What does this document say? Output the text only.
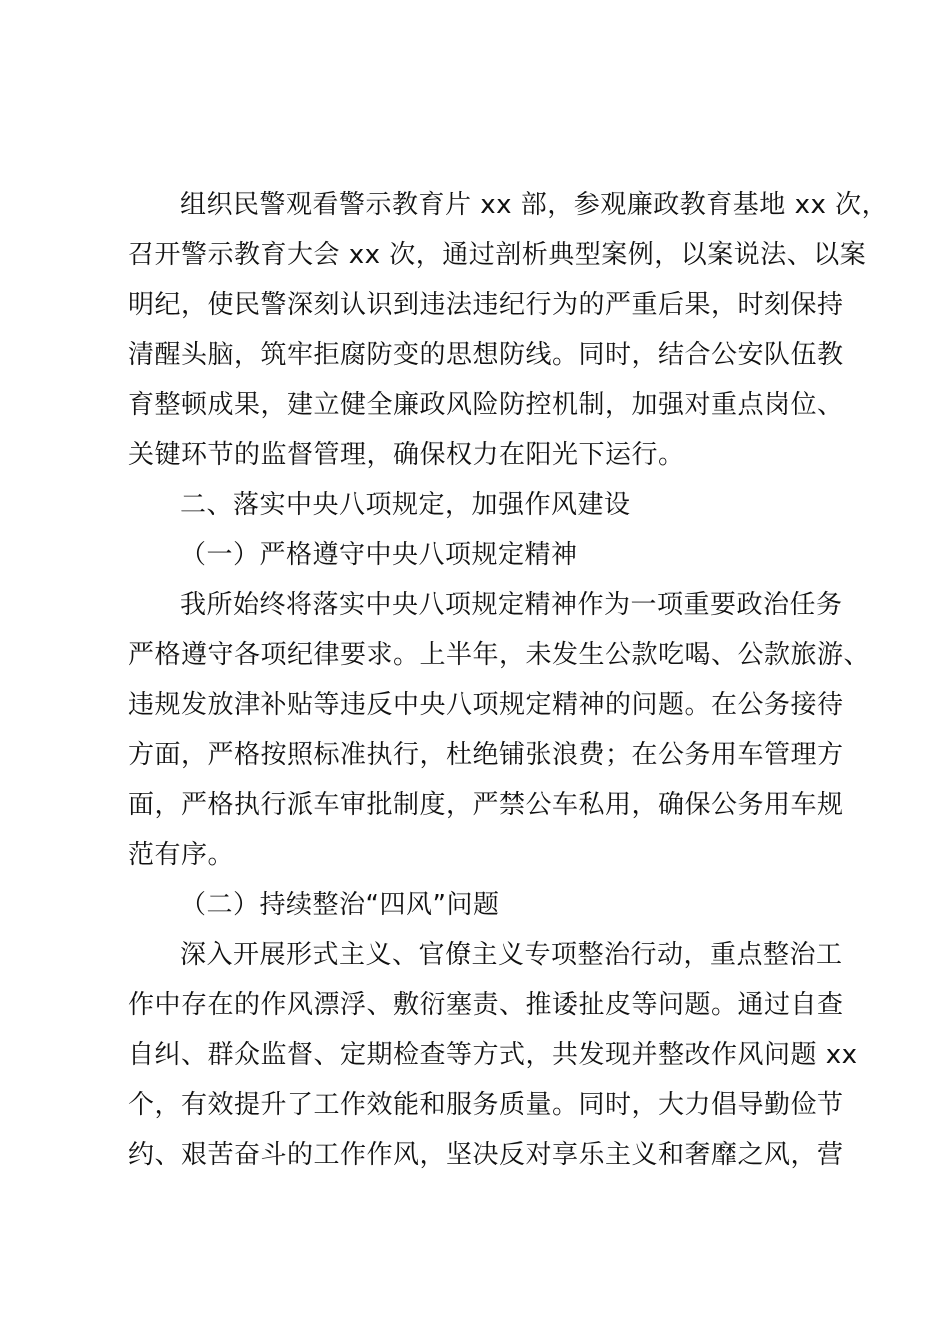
组织民警观看警示教育片 xx 部，参观廉政教育基地 xx 次，
召开警示教育大会 xx 次，通过剖析典型案例，以案说法、以案
明纪，使民警深刻认识到违法违纪行为的严重后果，时刻保持
清醒头脑，筑牢拒腐防变的思想防线。同时，结合公安队伍教
育整顿成果，建立健全廉政风险防控机制，加强对重点岗位、
关键环节的监督管理，确保权力在阳光下运行。
二、落实中央八项规定，加强作风建设
（一）严格遵守中央八项规定精神
我所始终将落实中央八项规定精神作为一项重要政治任务
严格遵守各项纪律要求。上半年，未发生公款吃喝、公款旅游、
违规发放津补贴等违反中央八项规定精神的问题。在公务接待
方面，严格按照标准执行，杜绝铺张浪费；在公务用车管理方
面，严格执行派车审批制度，严禁公车私用，确保公务用车规
范有序。
（二）持续整治“四风”问题
深入开展形式主义、官僚主义专项整治行动，重点整治工
作中存在的作风漂浮、敷衍塞责、推诿扯皮等问题。通过自查
自纠、群众监督、定期检查等方式，共发现并整改作风问题 xx
个，有效提升了工作效能和服务质量。同时，大力倡导勤俭节
约、艰苦奋斗的工作作风，坚决反对享乐主义和奢靡之风，营
